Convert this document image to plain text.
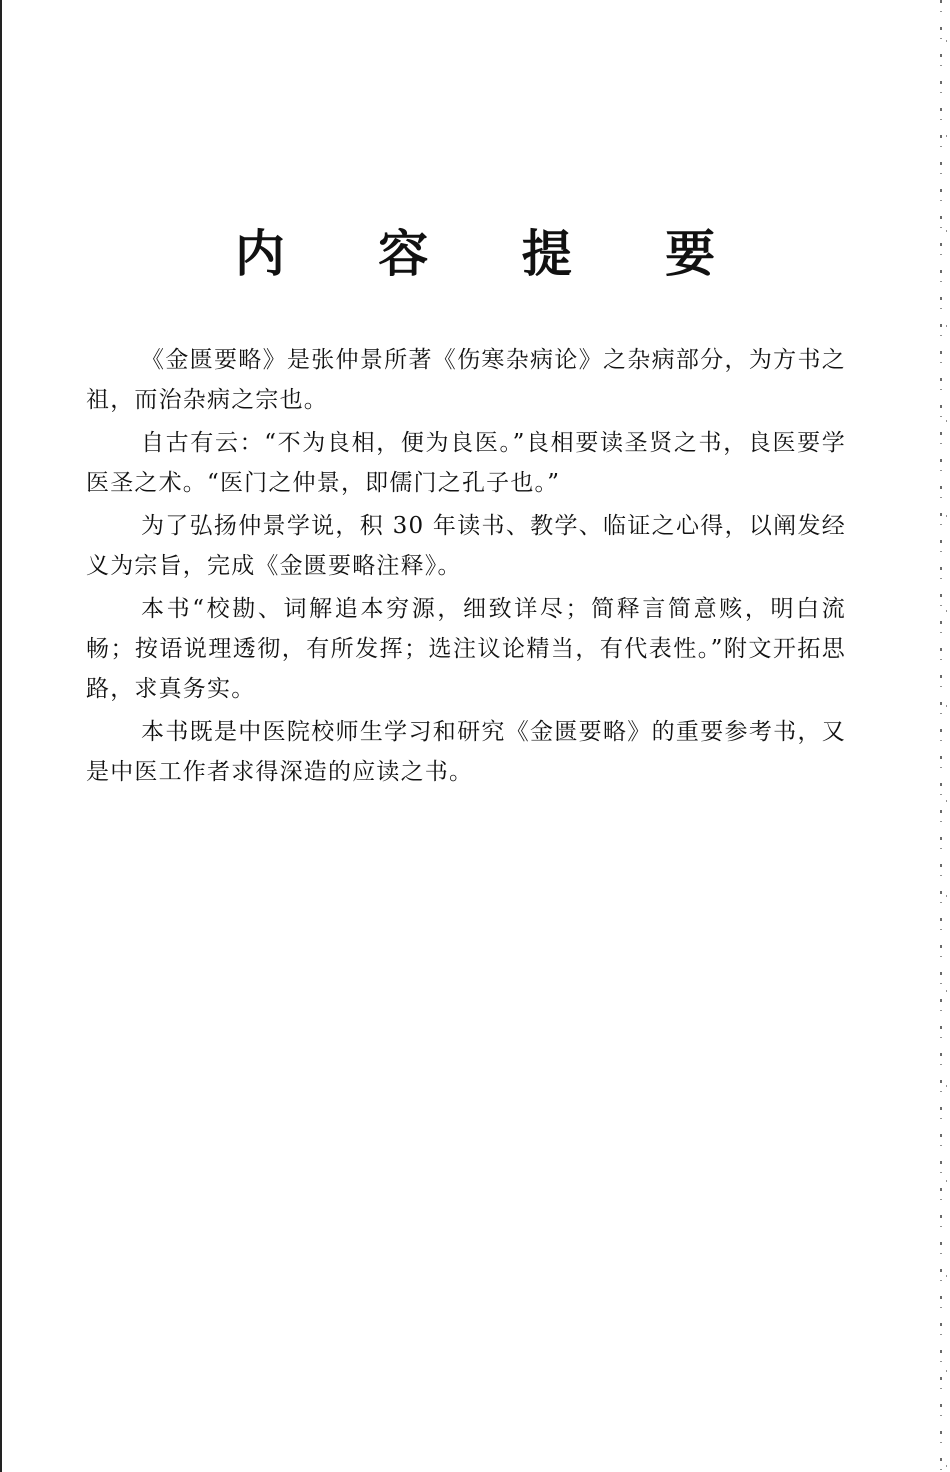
内 容 提 要

《金匮要略》是张仲景所著《伤寒杂病论》之杂病部分，为方书之祖，而治杂病之宗也。

自古有云：“不为良相，便为良医。”良相要读圣贤之书，良医要学医圣之术。“医门之仲景，即儒门之孔子也。”

为了弘扬仲景学说，积 30 年读书、教学、临证之心得，以阐发经义为宗旨，完成《金匮要略注释》。

本书“校勘、词解追本穷源，细致详尽；简释言简意赅，明白流畅；按语说理透彻，有所发挥；选注议论精当，有代表性。”附文开拓思路，求真务实。

本书既是中医院校师生学习和研究《金匮要略》的重要参考书，又是中医工作者求得深造的应读之书。
